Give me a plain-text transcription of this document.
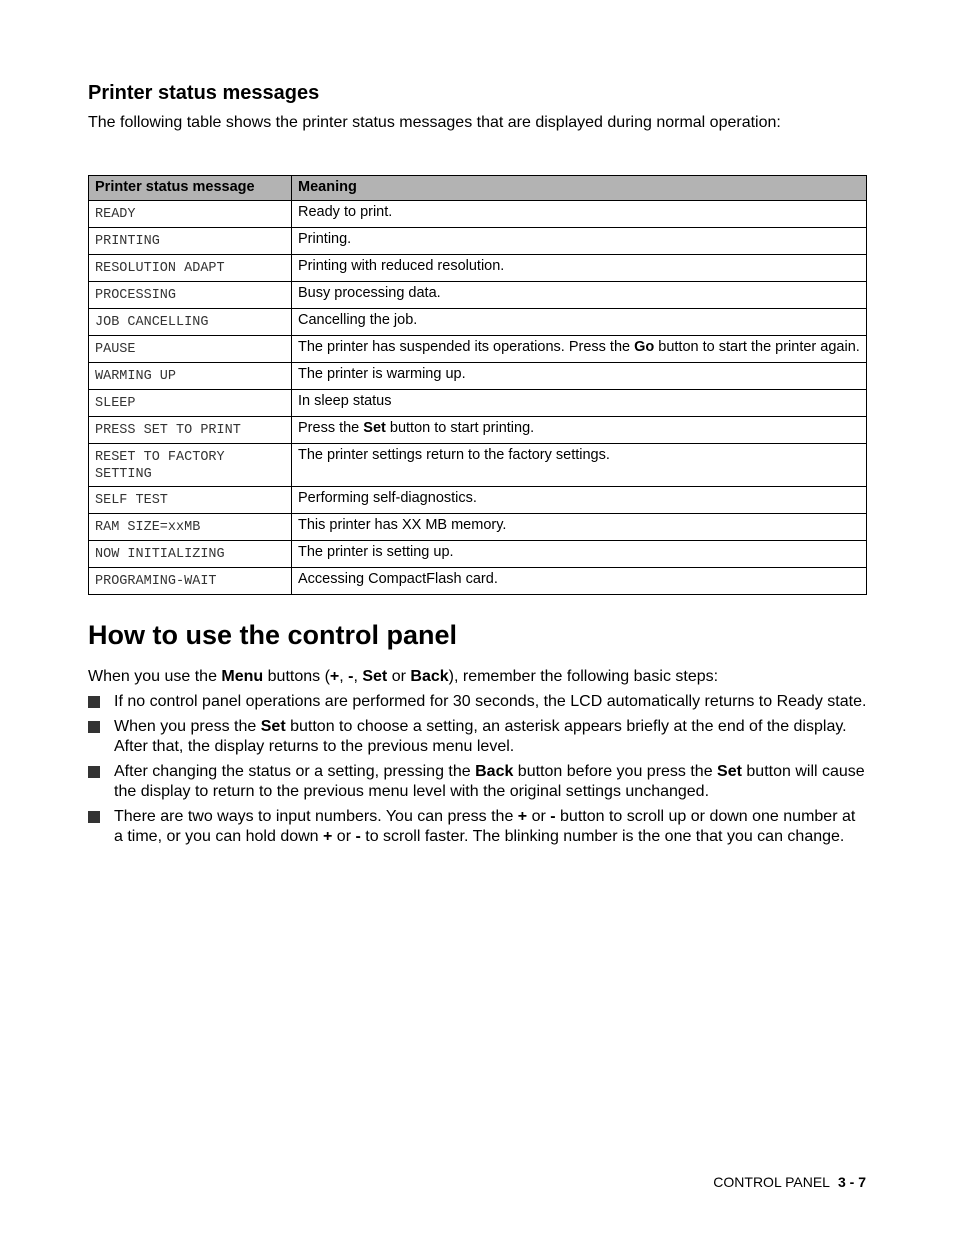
Printer status messages

The following table shows the printer status messages that are displayed during normal operation:

Printer status message	Meaning
READY	Ready to print.
PRINTING	Printing.
RESOLUTION ADAPT	Printing with reduced resolution.
PROCESSING	Busy processing data.
JOB CANCELLING	Cancelling the job.
PAUSE	The printer has suspended its operations. Press the Go button to start the printer again.
WARMING UP	The printer is warming up.
SLEEP	In sleep status
PRESS SET TO PRINT	Press the Set button to start printing.
RESET TO FACTORY SETTING	The printer settings return to the factory settings.
SELF TEST	Performing self-diagnostics.
RAM SIZE=xxMB	This printer has XX MB memory.
NOW INITIALIZING	The printer is setting up.
PROGRAMING-WAIT	Accessing CompactFlash card.
How to use the control panel

When you use the Menu buttons (+, -, Set or Back), remember the following basic steps:

If no control panel operations are performed for 30 seconds, the LCD automatically returns to Ready state.
When you press the Set button to choose a setting, an asterisk appears briefly at the end of the display. After that, the display returns to the previous menu level.
After changing the status or a setting, pressing the Back button before you press the Set button will cause the display to return to the previous menu level with the original settings unchanged.
There are two ways to input numbers. You can press the + or - button to scroll up or down one number at a time, or you can hold down + or - to scroll faster. The blinking number is the one that you can change.
CONTROL PANEL 3 - 7
